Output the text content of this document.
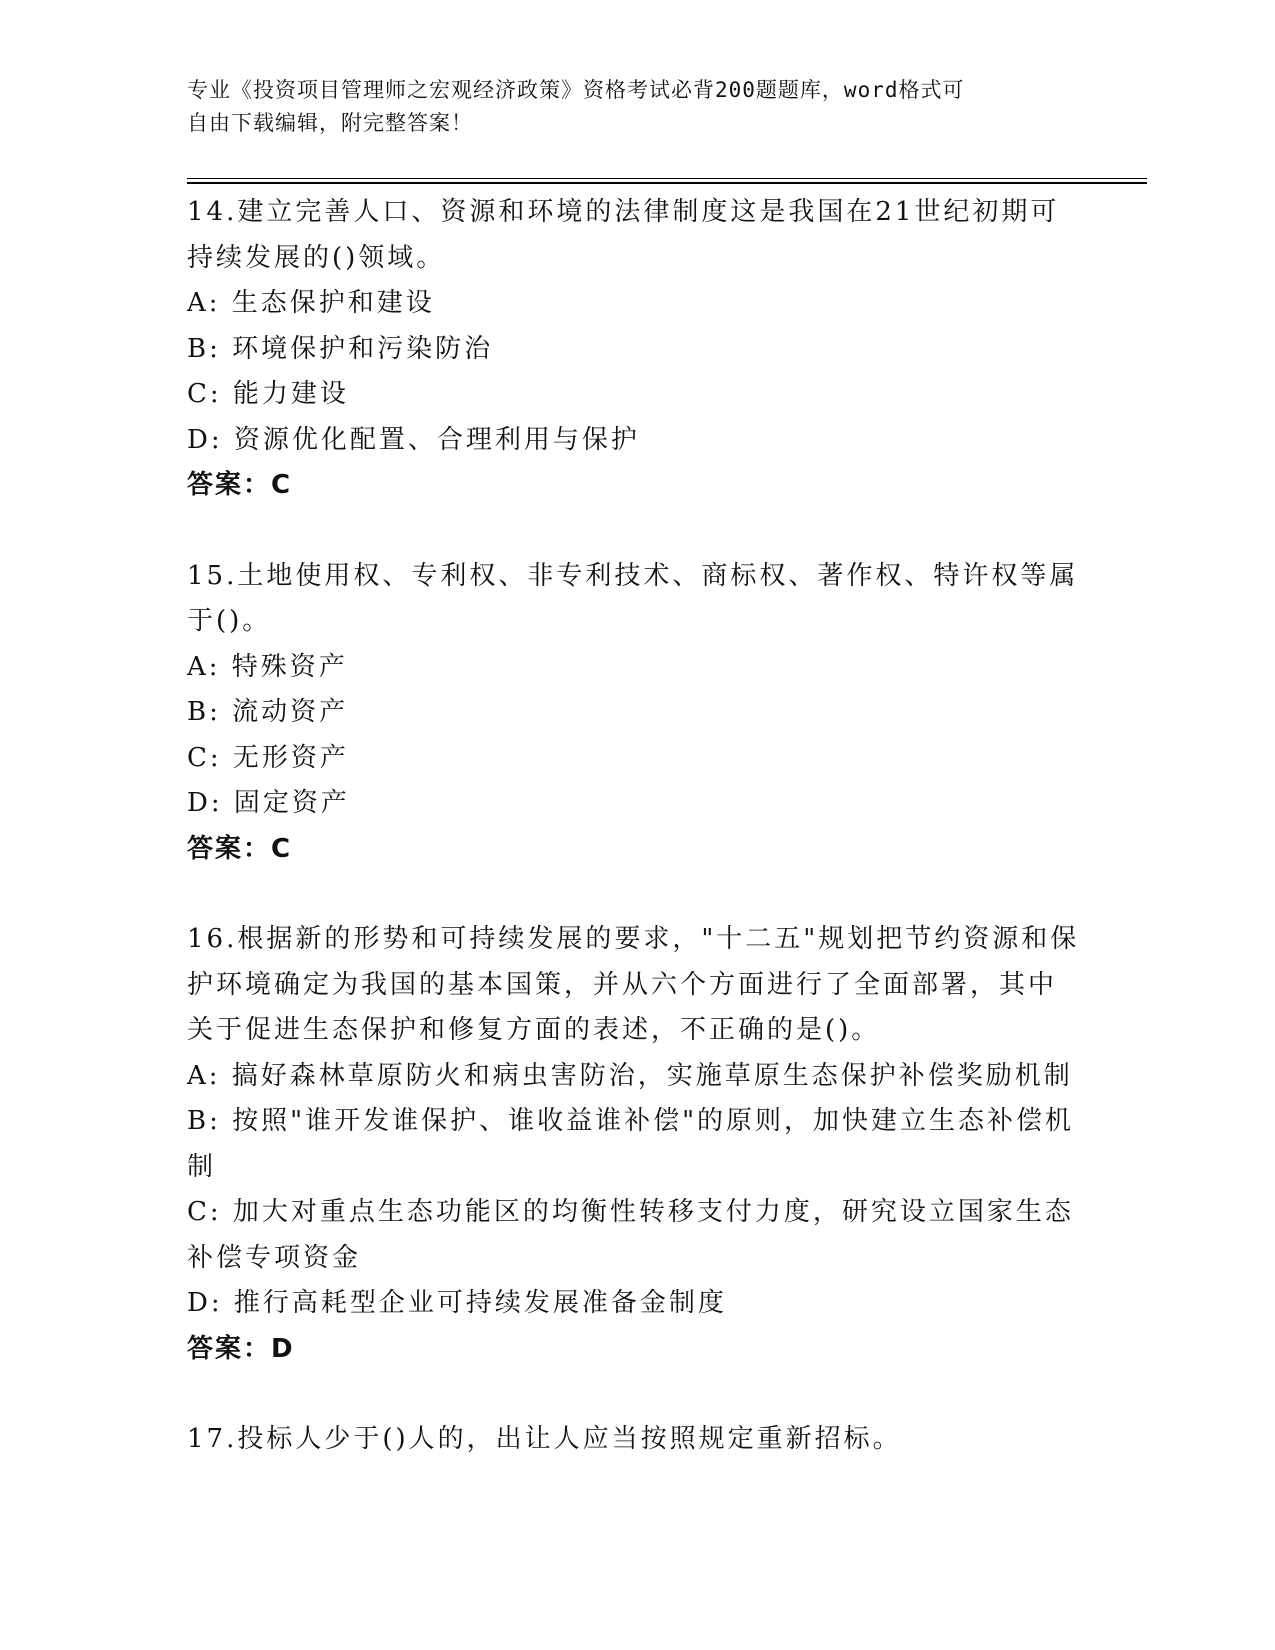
专业《投资项目管理师之宏观经济政策》资格考试必背200题题库，word格式可
自由下载编辑，附完整答案！
14.建立完善人口、资源和环境的法律制度这是我国在21世纪初期可
持续发展的()领域。
A: 生态保护和建设
B: 环境保护和污染防治
C: 能力建设
D: 资源优化配置、合理利用与保护
答案：C
15.土地使用权、专利权、非专利技术、商标权、著作权、特许权等属
于()。
A: 特殊资产
B: 流动资产
C: 无形资产
D: 固定资产
答案：C
16.根据新的形势和可持续发展的要求，"十二五"规划把节约资源和保
护环境确定为我国的基本国策，并从六个方面进行了全面部署，其中
关于促进生态保护和修复方面的表述，不正确的是()。
A: 搞好森林草原防火和病虫害防治，实施草原生态保护补偿奖励机制
B: 按照"谁开发谁保护、谁收益谁补偿"的原则，加快建立生态补偿机
制
C: 加大对重点生态功能区的均衡性转移支付力度，研究设立国家生态
补偿专项资金
D: 推行高耗型企业可持续发展准备金制度
答案：D
17.投标人少于()人的，出让人应当按照规定重新招标。
